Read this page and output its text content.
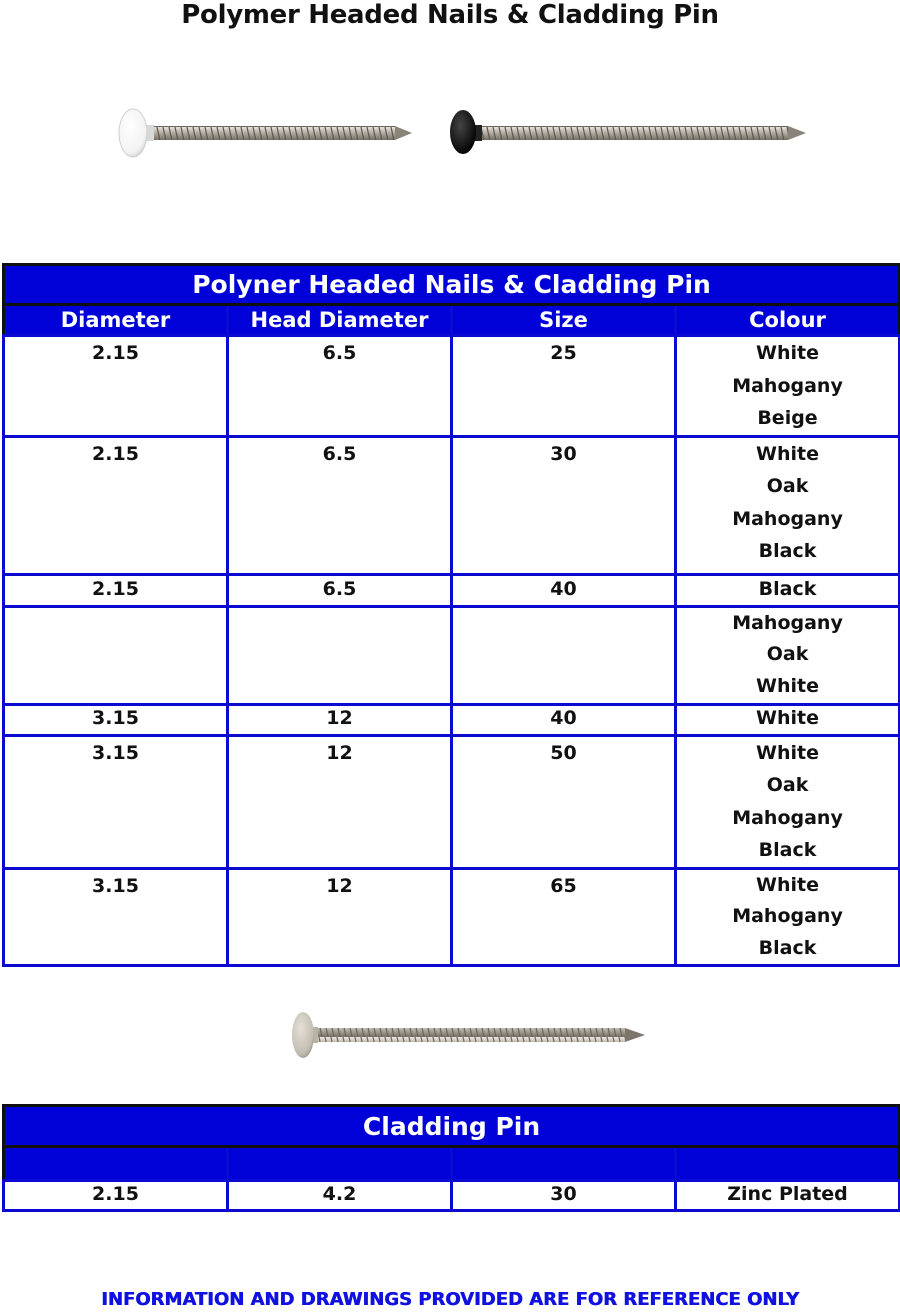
Polymer Headed Nails & Cladding Pin
Polyner Headed Nails & Cladding Pin			
Diameter	Head Diameter	Size	Colour
2.15	6.5	25	White
Mahogany
Beige

2.15	6.5	30	White
Oak
Mahogany
Black

2.15	6.5	40	Black

			Mahogany
Oak
White

3.15	12	40	White

3.15	12	50	White
Oak
Mahogany
Black

3.15	12	65	White
Mahogany
Black
Cladding Pin			

2.15	4.2	30	Zinc Plated
INFORMATION AND DRAWINGS PROVIDED ARE FOR REFERENCE ONLY
